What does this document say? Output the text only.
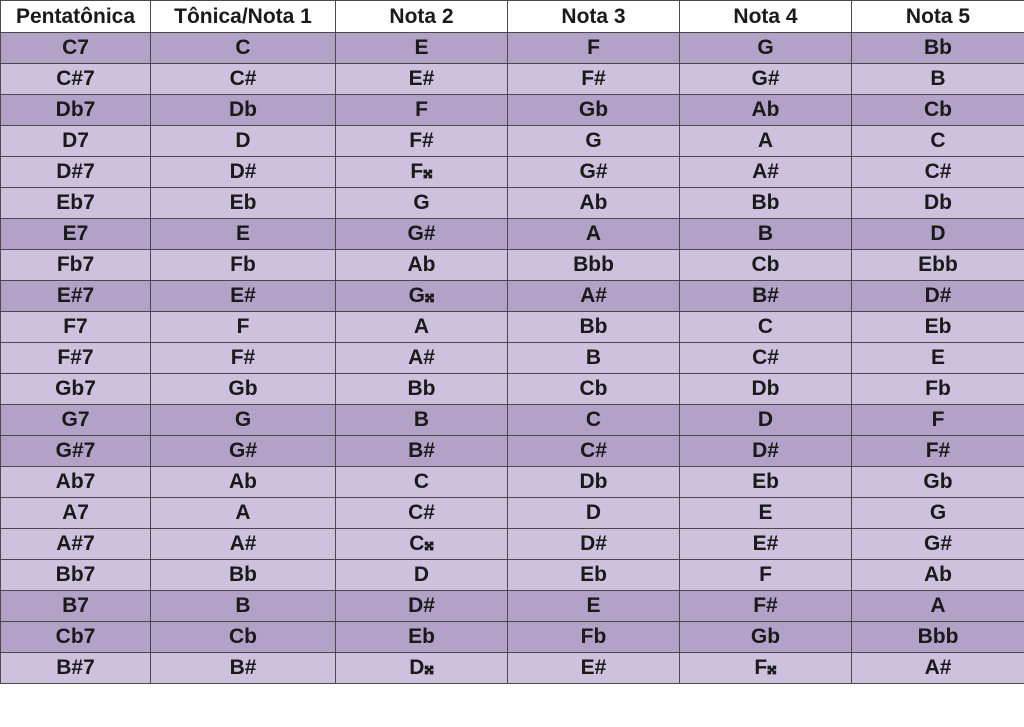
Pentatônica	Tônica/Nota 1	Nota 2	Nota 3	Nota 4	Nota 5
C7	C	E	F	G	Bb
C#7	C#	E#	F#	G#	B
Db7	Db	F	Gb	Ab	Cb
D7	D	F#	G	A	C
D#7	D#	F𝄪	G#	A#	C#
Eb7	Eb	G	Ab	Bb	Db
E7	E	G#	A	B	D
Fb7	Fb	Ab	Bbb	Cb	Ebb
E#7	E#	G𝄪	A#	B#	D#
F7	F	A	Bb	C	Eb
F#7	F#	A#	B	C#	E
Gb7	Gb	Bb	Cb	Db	Fb
G7	G	B	C	D	F
G#7	G#	B#	C#	D#	F#
Ab7	Ab	C	Db	Eb	Gb
A7	A	C#	D	E	G
A#7	A#	C𝄪	D#	E#	G#
Bb7	Bb	D	Eb	F	Ab
B7	B	D#	E	F#	A
Cb7	Cb	Eb	Fb	Gb	Bbb
B#7	B#	D𝄪	E#	F𝄪	A#
